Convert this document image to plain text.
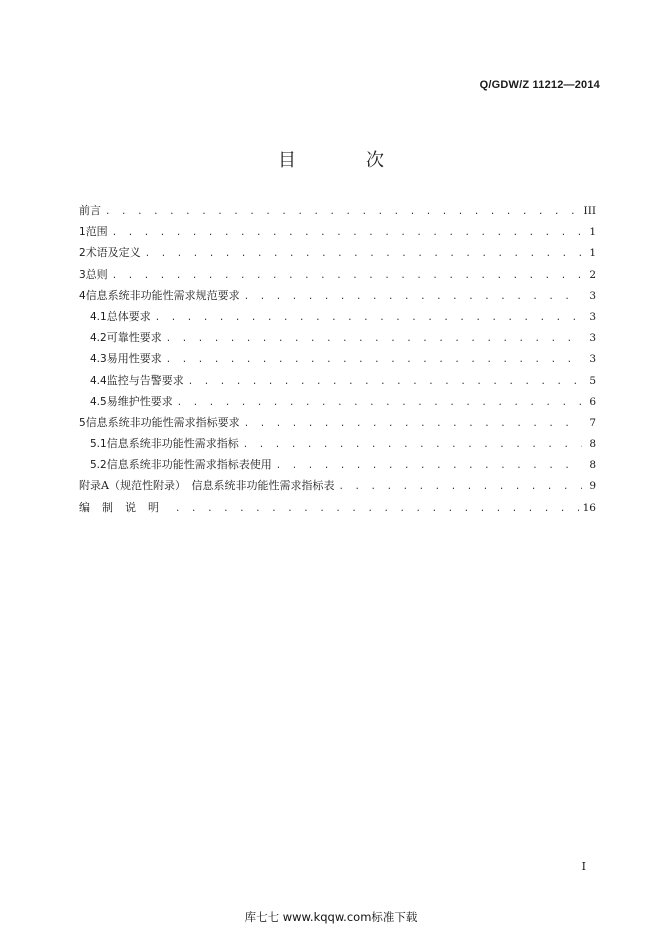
Q/GDW/Z 11212—2014
目	次
前言 . . .	III
1 范围 . . .	1
2 术语及定义 . . .	1
3 总则 . . .	2
4 信息系统非功能性需求规范要求 . . .	3
4.1 总体要求 . . .	3
4.2 可靠性要求 . . .	3
4.3 易用性要求 . . .	3
4.4 监控与告警要求 . . .	5
4.5 易维护性要求 . . .	6
5 信息系统非功能性需求指标要求 . . .	7
5.1 信息系统非功能性需求指标 . . .	8
5.2 信息系统非功能性需求指标表使用 . . .	8
附录A（规范性附录）　信息系统非功能性需求指标表 . . .	9
编制说明 . . .	16
I
库七七 www.kqqw.com标准下载
